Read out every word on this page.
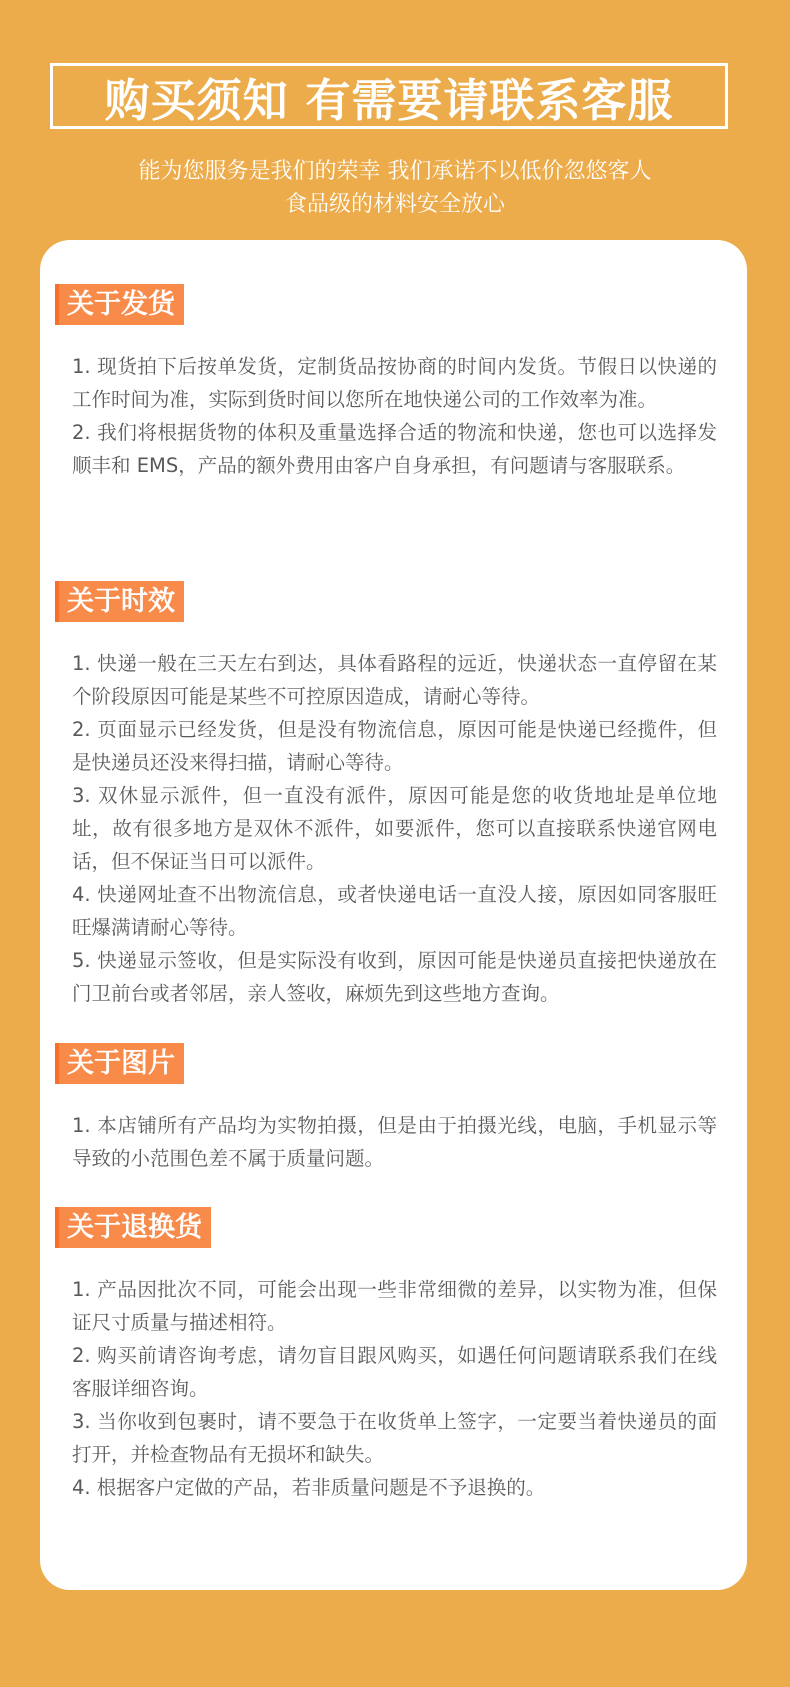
购买须知 有需要请联系客服
能为您服务是我们的荣幸 我们承诺不以低价忽悠客人
食品级的材料安全放心
关于发货

1. 现货拍下后按单发货，定制货品按协商的时间内发货。节假日以快递的工作时间为准，实际到货时间以您所在地快递公司的工作效率为准。

2. 我们将根据货物的体积及重量选择合适的物流和快递，您也可以选择发顺丰和 EMS，产品的额外费用由客户自身承担，有问题请与客服联系。

关于时效

1. 快递一般在三天左右到达，具体看路程的远近，快递状态一直停留在某个阶段原因可能是某些不可控原因造成，请耐心等待。

2. 页面显示已经发货，但是没有物流信息，原因可能是快递已经揽件，但是快递员还没来得扫描，请耐心等待。

3. 双休显示派件，但一直没有派件，原因可能是您的收货地址是单位地址，故有很多地方是双休不派件，如要派件，您可以直接联系快递官网电话，但不保证当日可以派件。

4. 快递网址查不出物流信息，或者快递电话一直没人接，原因如同客服旺旺爆满请耐心等待。

5. 快递显示签收，但是实际没有收到，原因可能是快递员直接把快递放在门卫前台或者邻居，亲人签收，麻烦先到这些地方查询。

关于图片

1. 本店铺所有产品均为实物拍摄，但是由于拍摄光线，电脑，手机显示等导致的小范围色差不属于质量问题。

关于退换货

1. 产品因批次不同，可能会出现一些非常细微的差异，以实物为准，但保证尺寸质量与描述相符。

2. 购买前请咨询考虑，请勿盲目跟风购买，如遇任何问题请联系我们在线客服详细咨询。

3. 当你收到包裹时，请不要急于在收货单上签字，一定要当着快递员的面打开，并检查物品有无损坏和缺失。

4. 根据客户定做的产品，若非质量问题是不予退换的。
